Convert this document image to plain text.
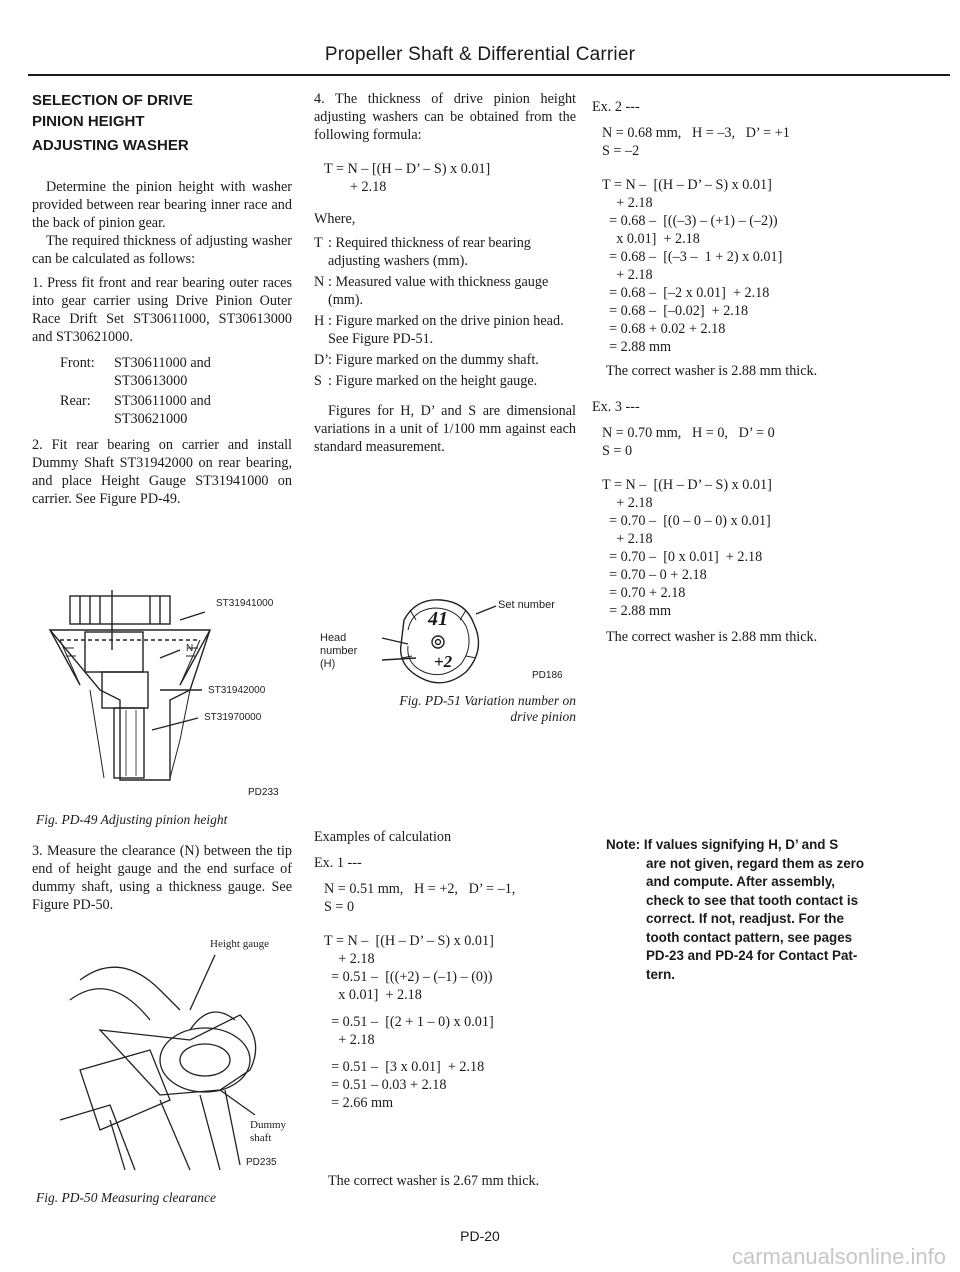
Propeller Shaft & Differential Carrier
SELECTION OF DRIVE
PINION HEIGHT
ADJUSTING WASHER

Determine the pinion height with washer provided between rear bearing inner race and the back of pinion gear.

The required thickness of adjusting washer can be calculated as follows:

1. Press fit front and rear bearing outer races into gear carrier using Drive Pinion Outer Race Drift Set ST30611000, ST30613000 and ST30621000.

Front:	ST30611000 and
ST30613000
Rear:	ST30611000 and
ST30621000

2. Fit rear bearing on carrier and install Dummy Shaft ST31942000 on rear bearing, and place Height Gauge ST31941000 on carrier. See Figure PD-49.

ST31941000
N
ST31942000
ST31970000
PD233
Fig. PD-49 Adjusting pinion height

3. Measure the clearance (N) between the tip end of height gauge and the end surface of dummy shaft, using a thickness gauge. See Figure PD-50.

Height gauge
Dummy
shaft
PD235
Fig. PD-50 Measuring clearance

4. The thickness of drive pinion height adjusting washers can be obtained from the following formula:

T = N – [(H – D’ – S) x 0.01]
+ 2.18
Where,
T : Required thickness of rear bearing adjusting washers (mm).
N : Measured value with thickness gauge (mm).
H : Figure marked on the drive pinion head. See Figure PD-51.
D’ : Figure marked on the dummy shaft.
S : Figure marked on the height gauge.

Figures for H, D’ and S are dimensional variations in a unit of 1/100 mm against each standard measurement.

41
+2
Set number
Head
number
(H)
PD186
Fig. PD-51 Variation number on
drive pinion
Examples of calculation
Ex. 1 ---
N = 0.51 mm,   H = +2,   D’ = –1,
S = 0
T = N –  [(H – D’ – S) x 0.01]
+ 2.18
= 0.51 –  [((+2) – (–1) – (0))
x 0.01]  + 2.18
= 0.51 –  [(2 + 1 – 0) x 0.01]
+ 2.18
= 0.51 –  [3 x 0.01]  + 2.18
= 0.51 – 0.03 + 2.18
= 2.66 mm

The correct washer is 2.67 mm thick.

Ex. 2 ---
N = 0.68 mm,   H = –3,   D’ = +1
S = –2
T = N –  [(H – D’ – S) x 0.01]
+ 2.18
= 0.68 –  [((–3) – (+1) – (–2))
x 0.01]  + 2.18
= 0.68 –  [(–3 –  1 + 2) x 0.01]
+ 2.18
= 0.68 –  [–2 x 0.01]  + 2.18
= 0.68 –  [–0.02]  + 2.18
= 0.68 + 0.02 + 2.18
= 2.88 mm

The correct washer is 2.88 mm thick.

Ex. 3 ---
N = 0.70 mm,   H = 0,   D’ = 0
S = 0
T = N –  [(H – D’ – S) x 0.01]
+ 2.18
= 0.70 –  [(0 – 0 – 0) x 0.01]
+ 2.18
= 0.70 –  [0 x 0.01]  + 2.18
= 0.70 – 0 + 2.18
= 0.70 + 2.18
= 2.88 mm

The correct washer is 2.88 mm thick.

Note: If values signifying H, D’ and S
are not given, regard them as zero
and compute. After assembly,
check to see that tooth contact is
correct. If not, readjust. For the
tooth contact pattern, see pages
PD-23 and PD-24 for Contact Pat-
tern.
PD-20
carmanualsonline.info
